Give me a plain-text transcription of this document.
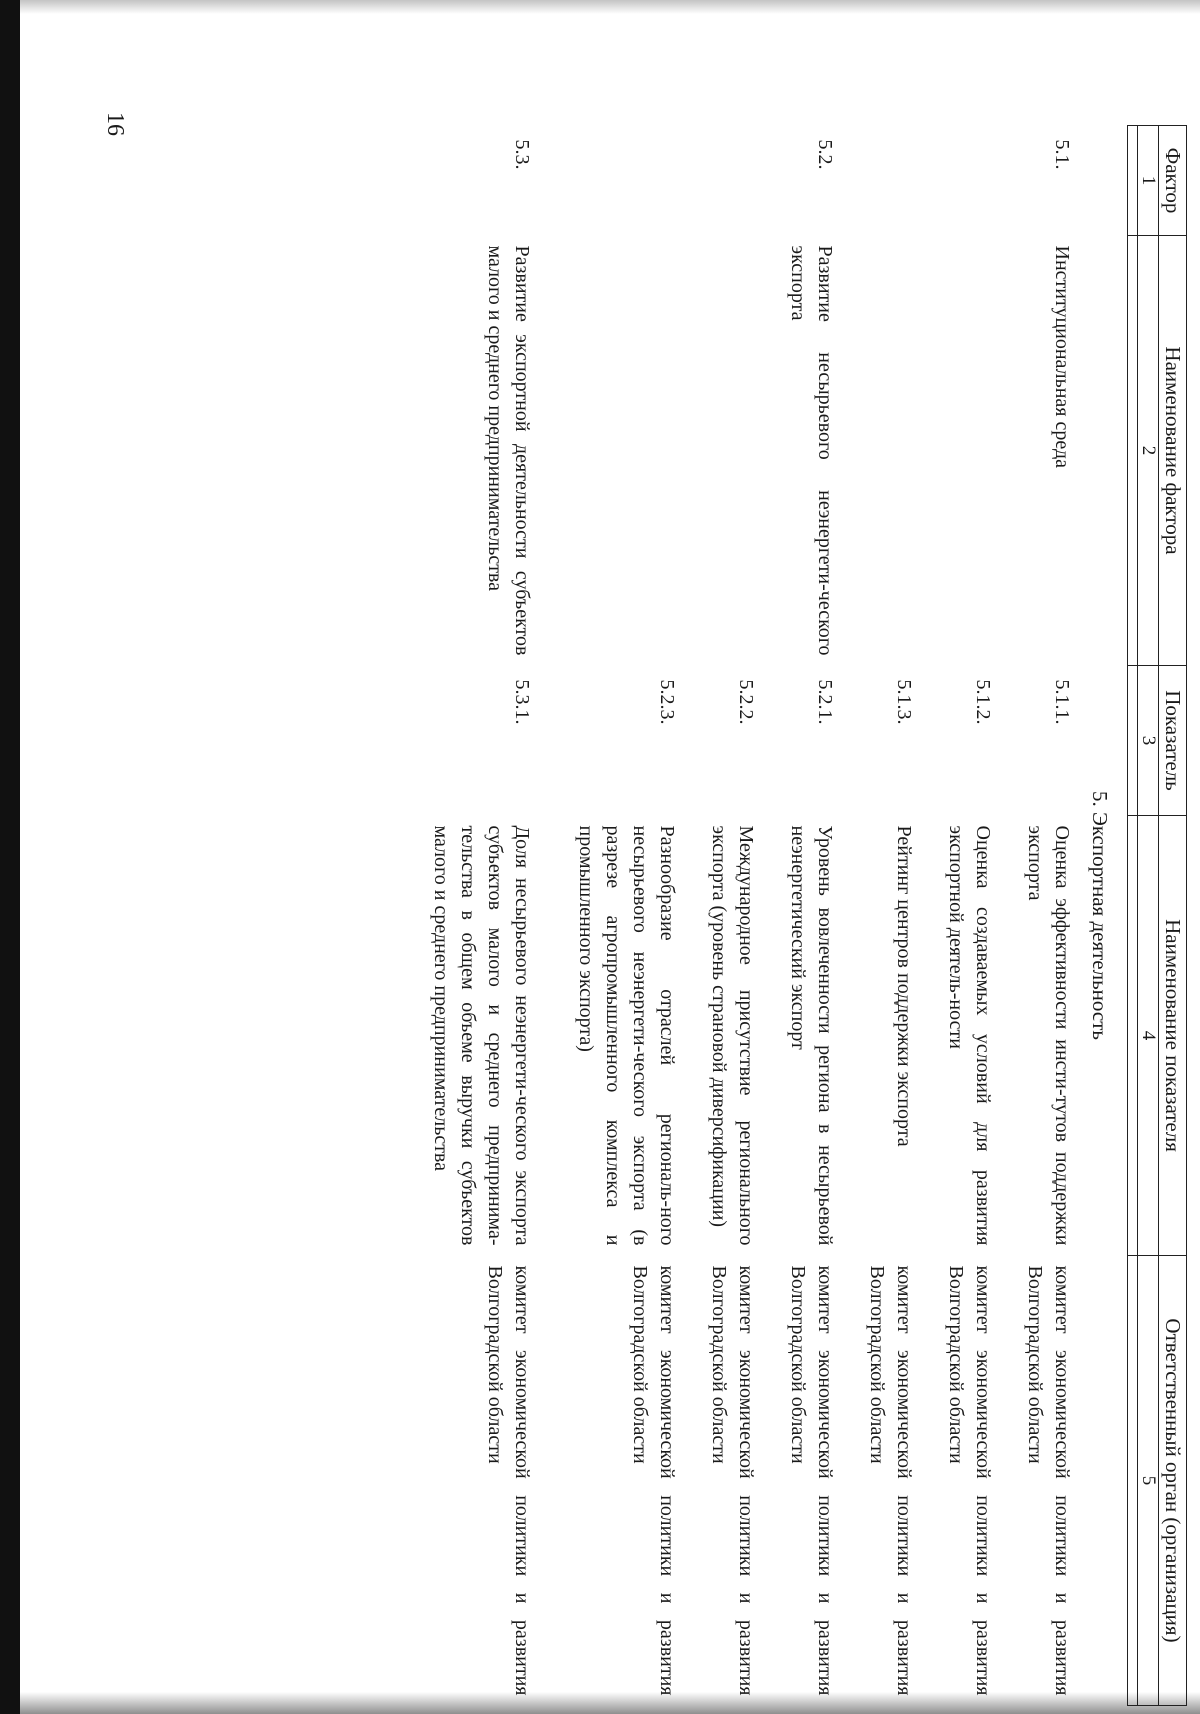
16
Фактор	Наименование фактора	Показатель	Наименование показателя	Ответственный орган (организация)
1	2	3	4	5

5. Экспортная деятельность				
5.1.	Институциональная среда	5.1.1.	Оценка эффективности инсти-тутов поддержки экспорта	комитет экономической политики и развития Волгоградской области
		5.1.2.	Оценка создаваемых условий для развития экспортной деятель-ности	комитет экономической политики и развития Волгоградской области
		5.1.3.	Рейтинг центров поддержки экспорта	комитет экономической политики и развития Волгоградской области
5.2.	Развитие несырьевого неэнергети-ческого экспорта	5.2.1.	Уровень вовлеченности региона в несырьевой неэнергетический экспорт	комитет экономической политики и развития Волгоградской области
		5.2.2.	Международное присутствие регионального экспорта (уровень страновой диверсификации)	комитет экономической политики и развития Волгоградской области
		5.2.3.	Разнообразие отраслей региональ-ного несырьевого неэнергети-ческого экспорта (в разрезе агропромышленного комплекса и промышленного экспорта)	комитет экономической политики и развития Волгоградской области
5.3.	Развитие экспортной деятельности субъектов малого и среднего предпринимательства	5.3.1.	Доля несырьевого неэнергети-ческого экспорта субъектов малого и среднего предпринима-тельства в общем объеме выручки субъектов малого и среднего предпринимательства	комитет экономической политики и развития Волгоградской области
